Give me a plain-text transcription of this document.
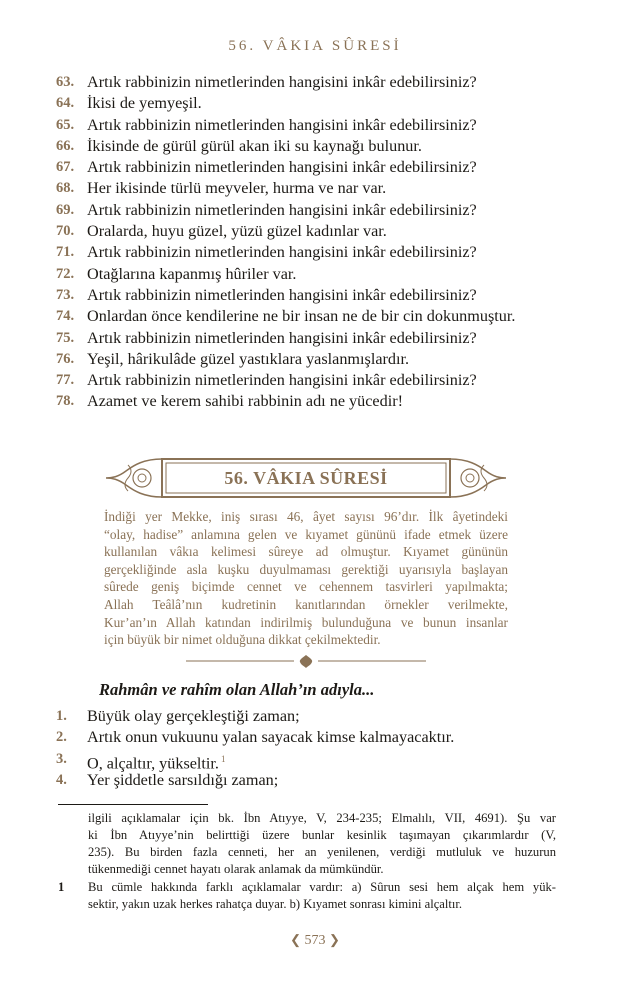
56. VÂKIA SÛRESİ
63. Artık rabbinizin nimetlerinden hangisini inkâr edebilirsiniz?
64. İkisi de yemyeşil.
65. Artık rabbinizin nimetlerinden hangisini inkâr edebilirsiniz?
66. İkisinde de gürül gürül akan iki su kaynağı bulunur.
67. Artık rabbinizin nimetlerinden hangisini inkâr edebilirsiniz?
68. Her ikisinde türlü meyveler, hurma ve nar var.
69. Artık rabbinizin nimetlerinden hangisini inkâr edebilirsiniz?
70. Oralarda, huyu güzel, yüzü güzel kadınlar var.
71. Artık rabbinizin nimetlerinden hangisini inkâr edebilirsiniz?
72. Otağlarına kapanmış hûriler var.
73. Artık rabbinizin nimetlerinden hangisini inkâr edebilirsiniz?
74. Onlardan önce kendilerine ne bir insan ne de bir cin dokunmuştur.
75. Artık rabbinizin nimetlerinden hangisini inkâr edebilirsiniz?
76. Yeşil, hârikulâde güzel yastıklara yaslanmışlardır.
77. Artık rabbinizin nimetlerinden hangisini inkâr edebilirsiniz?
78. Azamet ve kerem sahibi rabbinin adı ne yücedir!
56. VÂKIA SÛRESİ
İndiği yer Mekke, iniş sırası 46, âyet sayısı 96’dır. İlk âyetindeki
“olay, hadise” anlamına gelen ve kıyamet gününü ifade etmek üzere
kullanılan vâkıa kelimesi sûreye ad olmuştur. Kıyamet gününün
gerçekliğinde asla kuşku duyulmaması gerektiği uyarısıyla başlayan
sûrede geniş biçimde cennet ve cehennem tasvirleri yapılmakta;
Allah Teâlâ’nın kudretinin kanıtlarından örnekler verilmekte,
Kur’an’ın Allah katından indirilmiş bulunduğuna ve bunun insanlar
için büyük bir nimet olduğuna dikkat çekilmektedir.
Rahmân ve rahîm olan Allah’ın adıyla...
1.	Büyük olay gerçekleştiği zaman;
2.	Artık onun vukuunu yalan sayacak kimse kalmayacaktır.
3.	O, alçaltır, yükseltir. $^1$
4.	Yer şiddetle sarsıldığı zaman;
ilgili açıklamalar için bk. İbn Atıyye, V, 234-235; Elmalılı, VII, 4691). Şu var
ki İbn Atıyye’nin belirttiği üzere bunlar kesinlik taşımayan çıkarımlardır (V,
235). Bu birden fazla cenneti, her an yenilenen, verdiği mutluluk ve huzurun
tükenmediği cennet hayatı olarak anlamak da mümkündür.
1 Bu cümle hakkında farklı açıklamalar vardır: a) Sûrun sesi hem alçak hem yük-
sektir, yakın uzak herkes rahatça duyar. b) Kıyamet sonrası kimini alçaltır.
❮ 573 ❯
